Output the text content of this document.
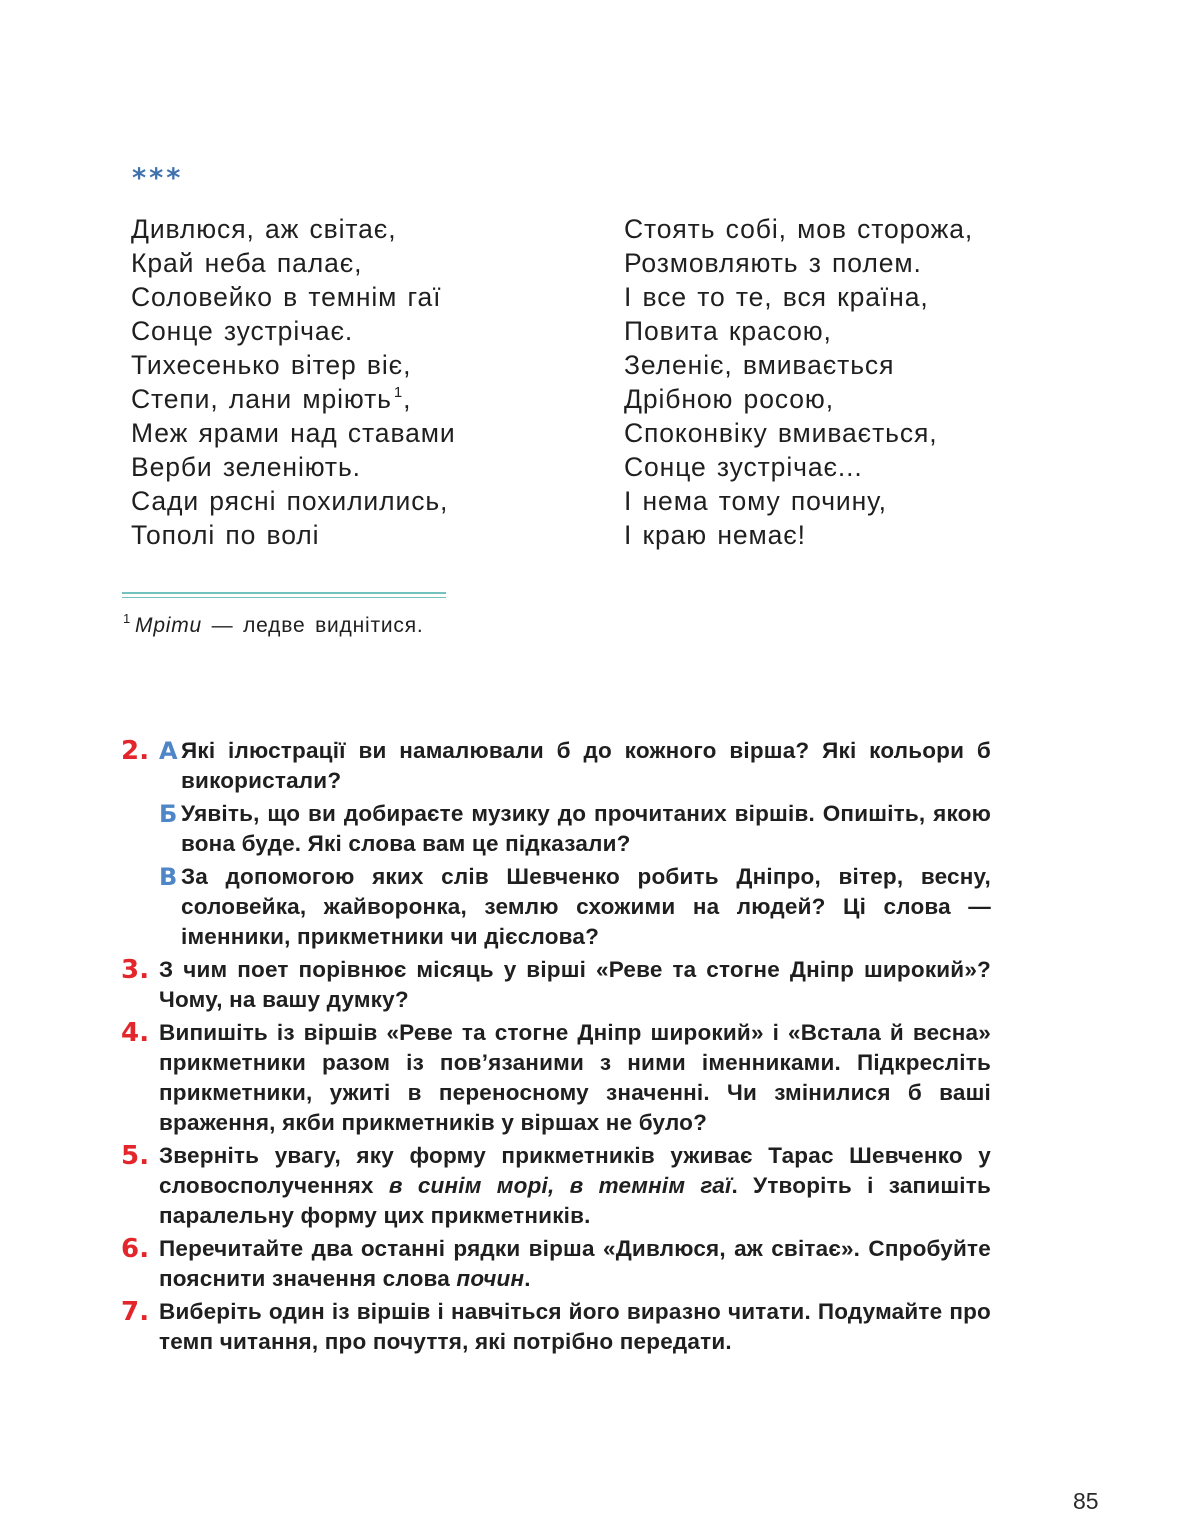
***
Дивлюся, аж світає,
Край неба палає,
Соловейко в темнім гаї
Сонце зустрічає.
Тихесенько вітер віє,
Степи, лани мріють $^1$,
Меж ярами над ставами
Верби зеленіють.
Сади рясні похилились,
Тополі по волі
Стоять собі, мов сторожа,
Розмовляють з полем.
І все то те, вся країна,
Повита красою,
Зеленіє, вмивається
Дрібною росою,
Споконвіку вмивається,
Сонце зустрічає...
І нема тому почину,
І краю немає!
$^1$ Мріти — ледве виднітися.
2. А Які ілюстрації ви намалювали б до кожного вірша? Які кольори б використали?
Б Уявіть, що ви добираєте музику до прочитаних віршів. Опишіть, якою вона буде. Які слова вам це підказали?
В За допомогою яких слів Шевченко робить Дніпро, вітер, весну, соловейка, жайворонка, землю схожими на людей? Ці слова — іменники, прикметники чи дієслова?
3. З чим поет порівнює місяць у вірші «Реве та стогне Дніпр широкий»? Чому, на вашу думку?
4. Випишіть із віршів «Реве та стогне Дніпр широкий» і «Встала й весна» прикметники разом із пов’язаними з ними іменниками. Підкресліть прикметники, ужиті в переносному значенні. Чи змінилися б ваші враження, якби прикметників у віршах не було?
5. Зверніть увагу, яку форму прикметників уживає Тарас Шевченко у словосполученнях в синім морі, в темнім гаї. Утворіть і запишіть паралельну форму цих прикметників.
6. Перечитайте два останні рядки вірша «Дивлюся, аж світає». Спробуйте пояснити значення слова почин.
7. Виберіть один із віршів і навчіться його виразно читати. Подумайте про темп читання, про почуття, які потрібно передати.
85
